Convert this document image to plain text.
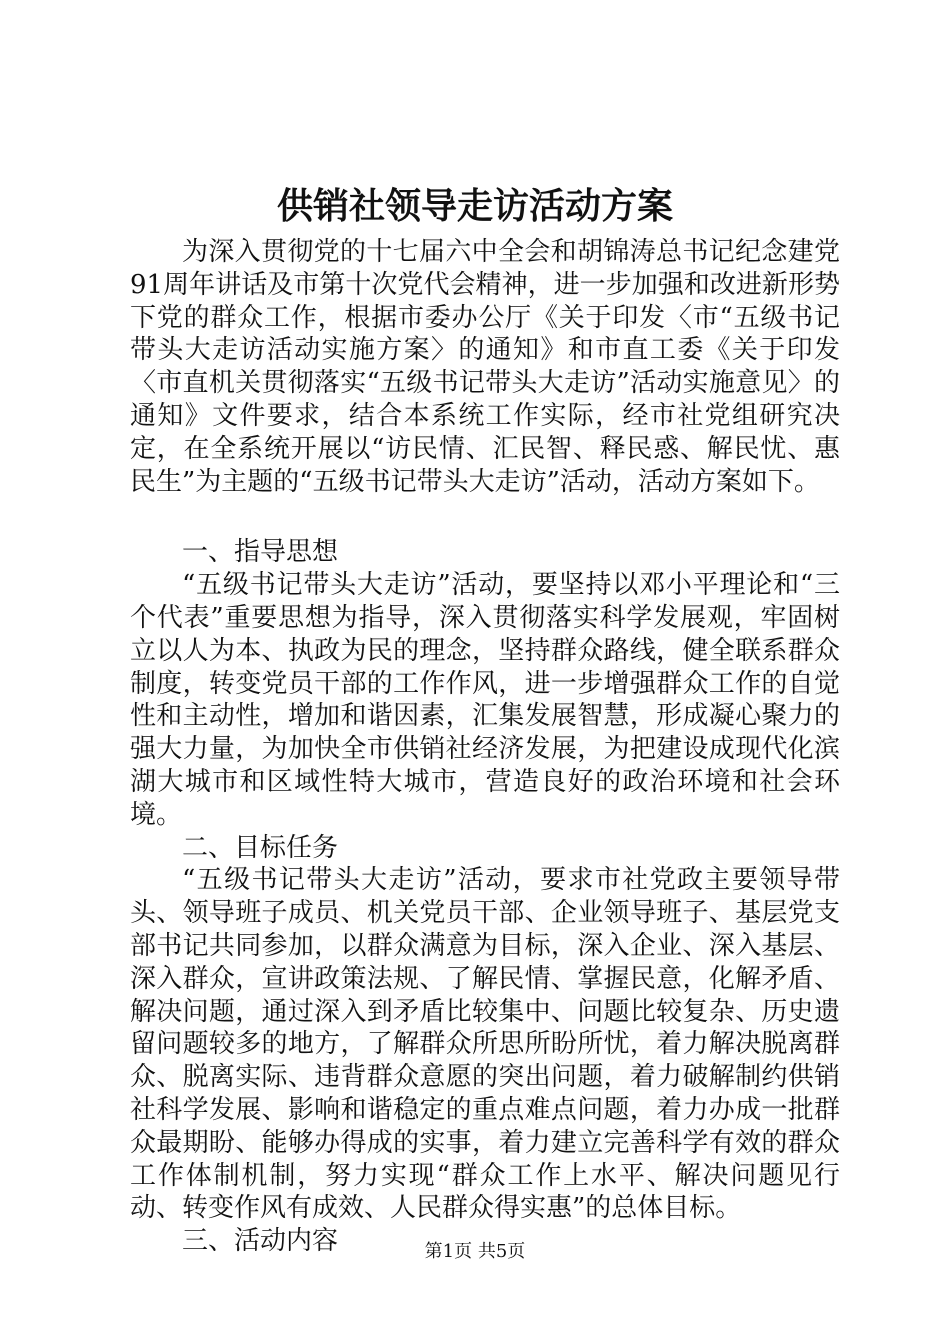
供销社领导走访活动方案

为深入贯彻党的十七届六中全会和胡锦涛总书记纪念建党91周年讲话及市第十次党代会精神，进一步加强和改进新形势下党的群众工作，根据市委办公厅《关于印发〈市“五级书记带头大走访活动实施方案〉的通知》和市直工委《关于印发〈市直机关贯彻落实“五级书记带头大走访”活动实施意见〉的通知》文件要求，结合本系统工作实际，经市社党组研究决定，在全系统开展以“访民情、汇民智、释民惑、解民忧、惠民生”为主题的“五级书记带头大走访”活动，活动方案如下。

一、指导思想

“五级书记带头大走访”活动，要坚持以邓小平理论和“三个代表”重要思想为指导，深入贯彻落实科学发展观，牢固树立以人为本、执政为民的理念，坚持群众路线，健全联系群众制度，转变党员干部的工作作风，进一步增强群众工作的自觉性和主动性，增加和谐因素，汇集发展智慧，形成凝心聚力的强大力量，为加快全市供销社经济发展，为把建设成现代化滨湖大城市和区域性特大城市，营造良好的政治环境和社会环境。

二、目标任务

“五级书记带头大走访”活动，要求市社党政主要领导带头、领导班子成员、机关党员干部、企业领导班子、基层党支部书记共同参加，以群众满意为目标，深入企业、深入基层、深入群众，宣讲政策法规、了解民情、掌握民意，化解矛盾、解决问题，通过深入到矛盾比较集中、问题比较复杂、历史遗留问题较多的地方，了解群众所思所盼所忧，着力解决脱离群众、脱离实际、违背群众意愿的突出问题，着力破解制约供销社科学发展、影响和谐稳定的重点难点问题，着力办成一批群众最期盼、能够办得成的实事，着力建立完善科学有效的群众工作体制机制，努力实现“群众工作上水平、解决问题见行动、转变作风有成效、人民群众得实惠”的总体目标。

三、活动内容	第1页 共5页
